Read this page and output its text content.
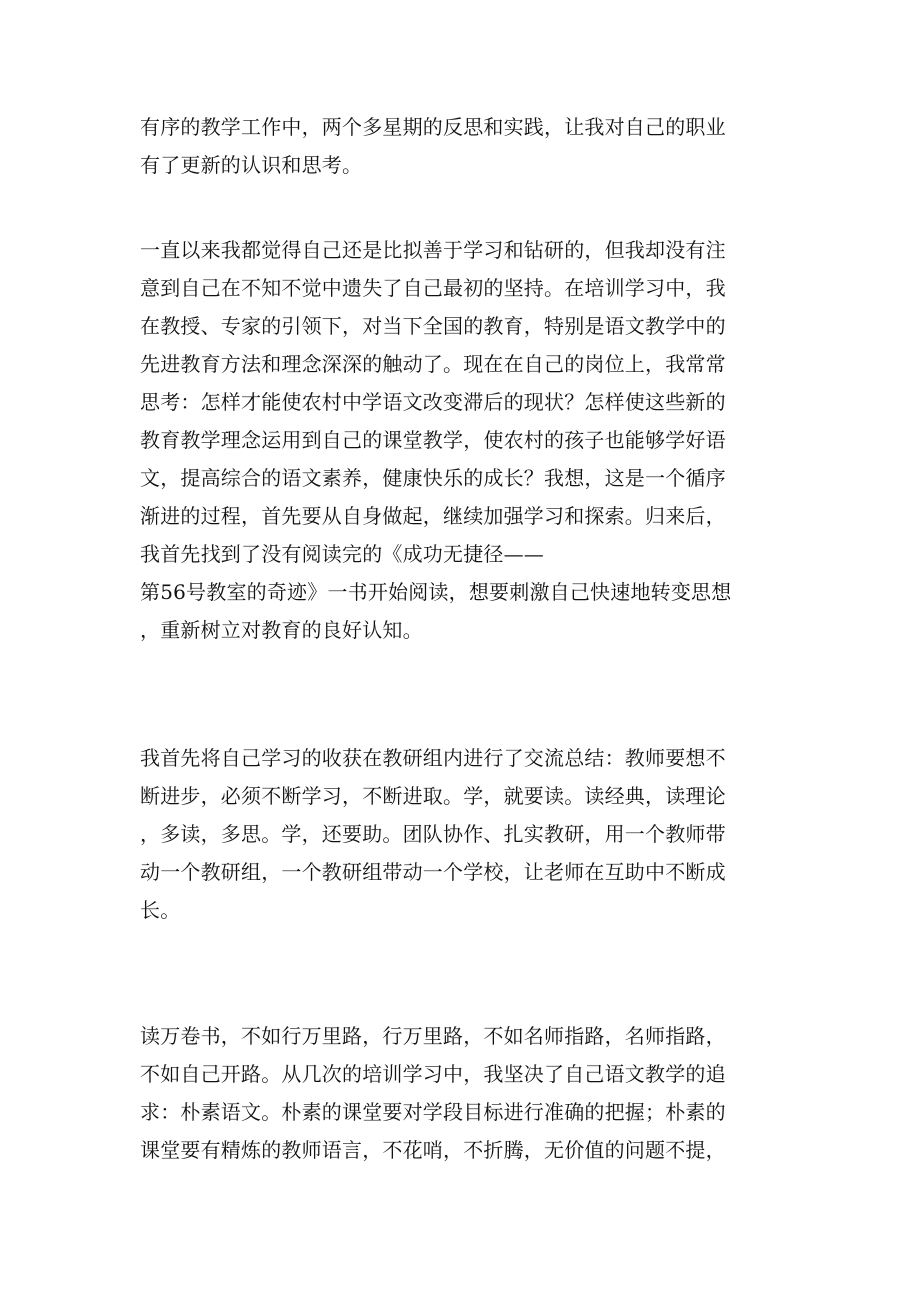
有序的教学工作中，两个多星期的反思和实践，让我对自己的职业
有了更新的认识和思考。
一直以来我都觉得自己还是比拟善于学习和钻研的，但我却没有注
意到自己在不知不觉中遗失了自己最初的坚持。在培训学习中，我
在教授、专家的引领下，对当下全国的教育，特别是语文教学中的
先进教育方法和理念深深的触动了。现在在自己的岗位上，我常常
思考：怎样才能使农村中学语文改变滞后的现状？怎样使这些新的
教育教学理念运用到自己的课堂教学，使农村的孩子也能够学好语
文，提高综合的语文素养，健康快乐的成长？我想，这是一个循序
渐进的过程，首先要从自身做起，继续加强学习和探索。归来后，
我首先找到了没有阅读完的《成功无捷径——
第56号教室的奇迹》一书开始阅读，想要刺激自己快速地转变思想
，重新树立对教育的良好认知。
我首先将自己学习的收获在教研组内进行了交流总结：教师要想不
断进步，必须不断学习，不断进取。学，就要读。读经典，读理论
，多读，多思。学，还要助。团队协作、扎实教研，用一个教师带
动一个教研组，一个教研组带动一个学校，让老师在互助中不断成
长。
读万卷书，不如行万里路，行万里路，不如名师指路，名师指路，
不如自己开路。从几次的培训学习中，我坚决了自己语文教学的追
求：朴素语文。朴素的课堂要对学段目标进行准确的把握；朴素的
课堂要有精炼的教师语言，不花哨，不折腾，无价值的问题不提，
